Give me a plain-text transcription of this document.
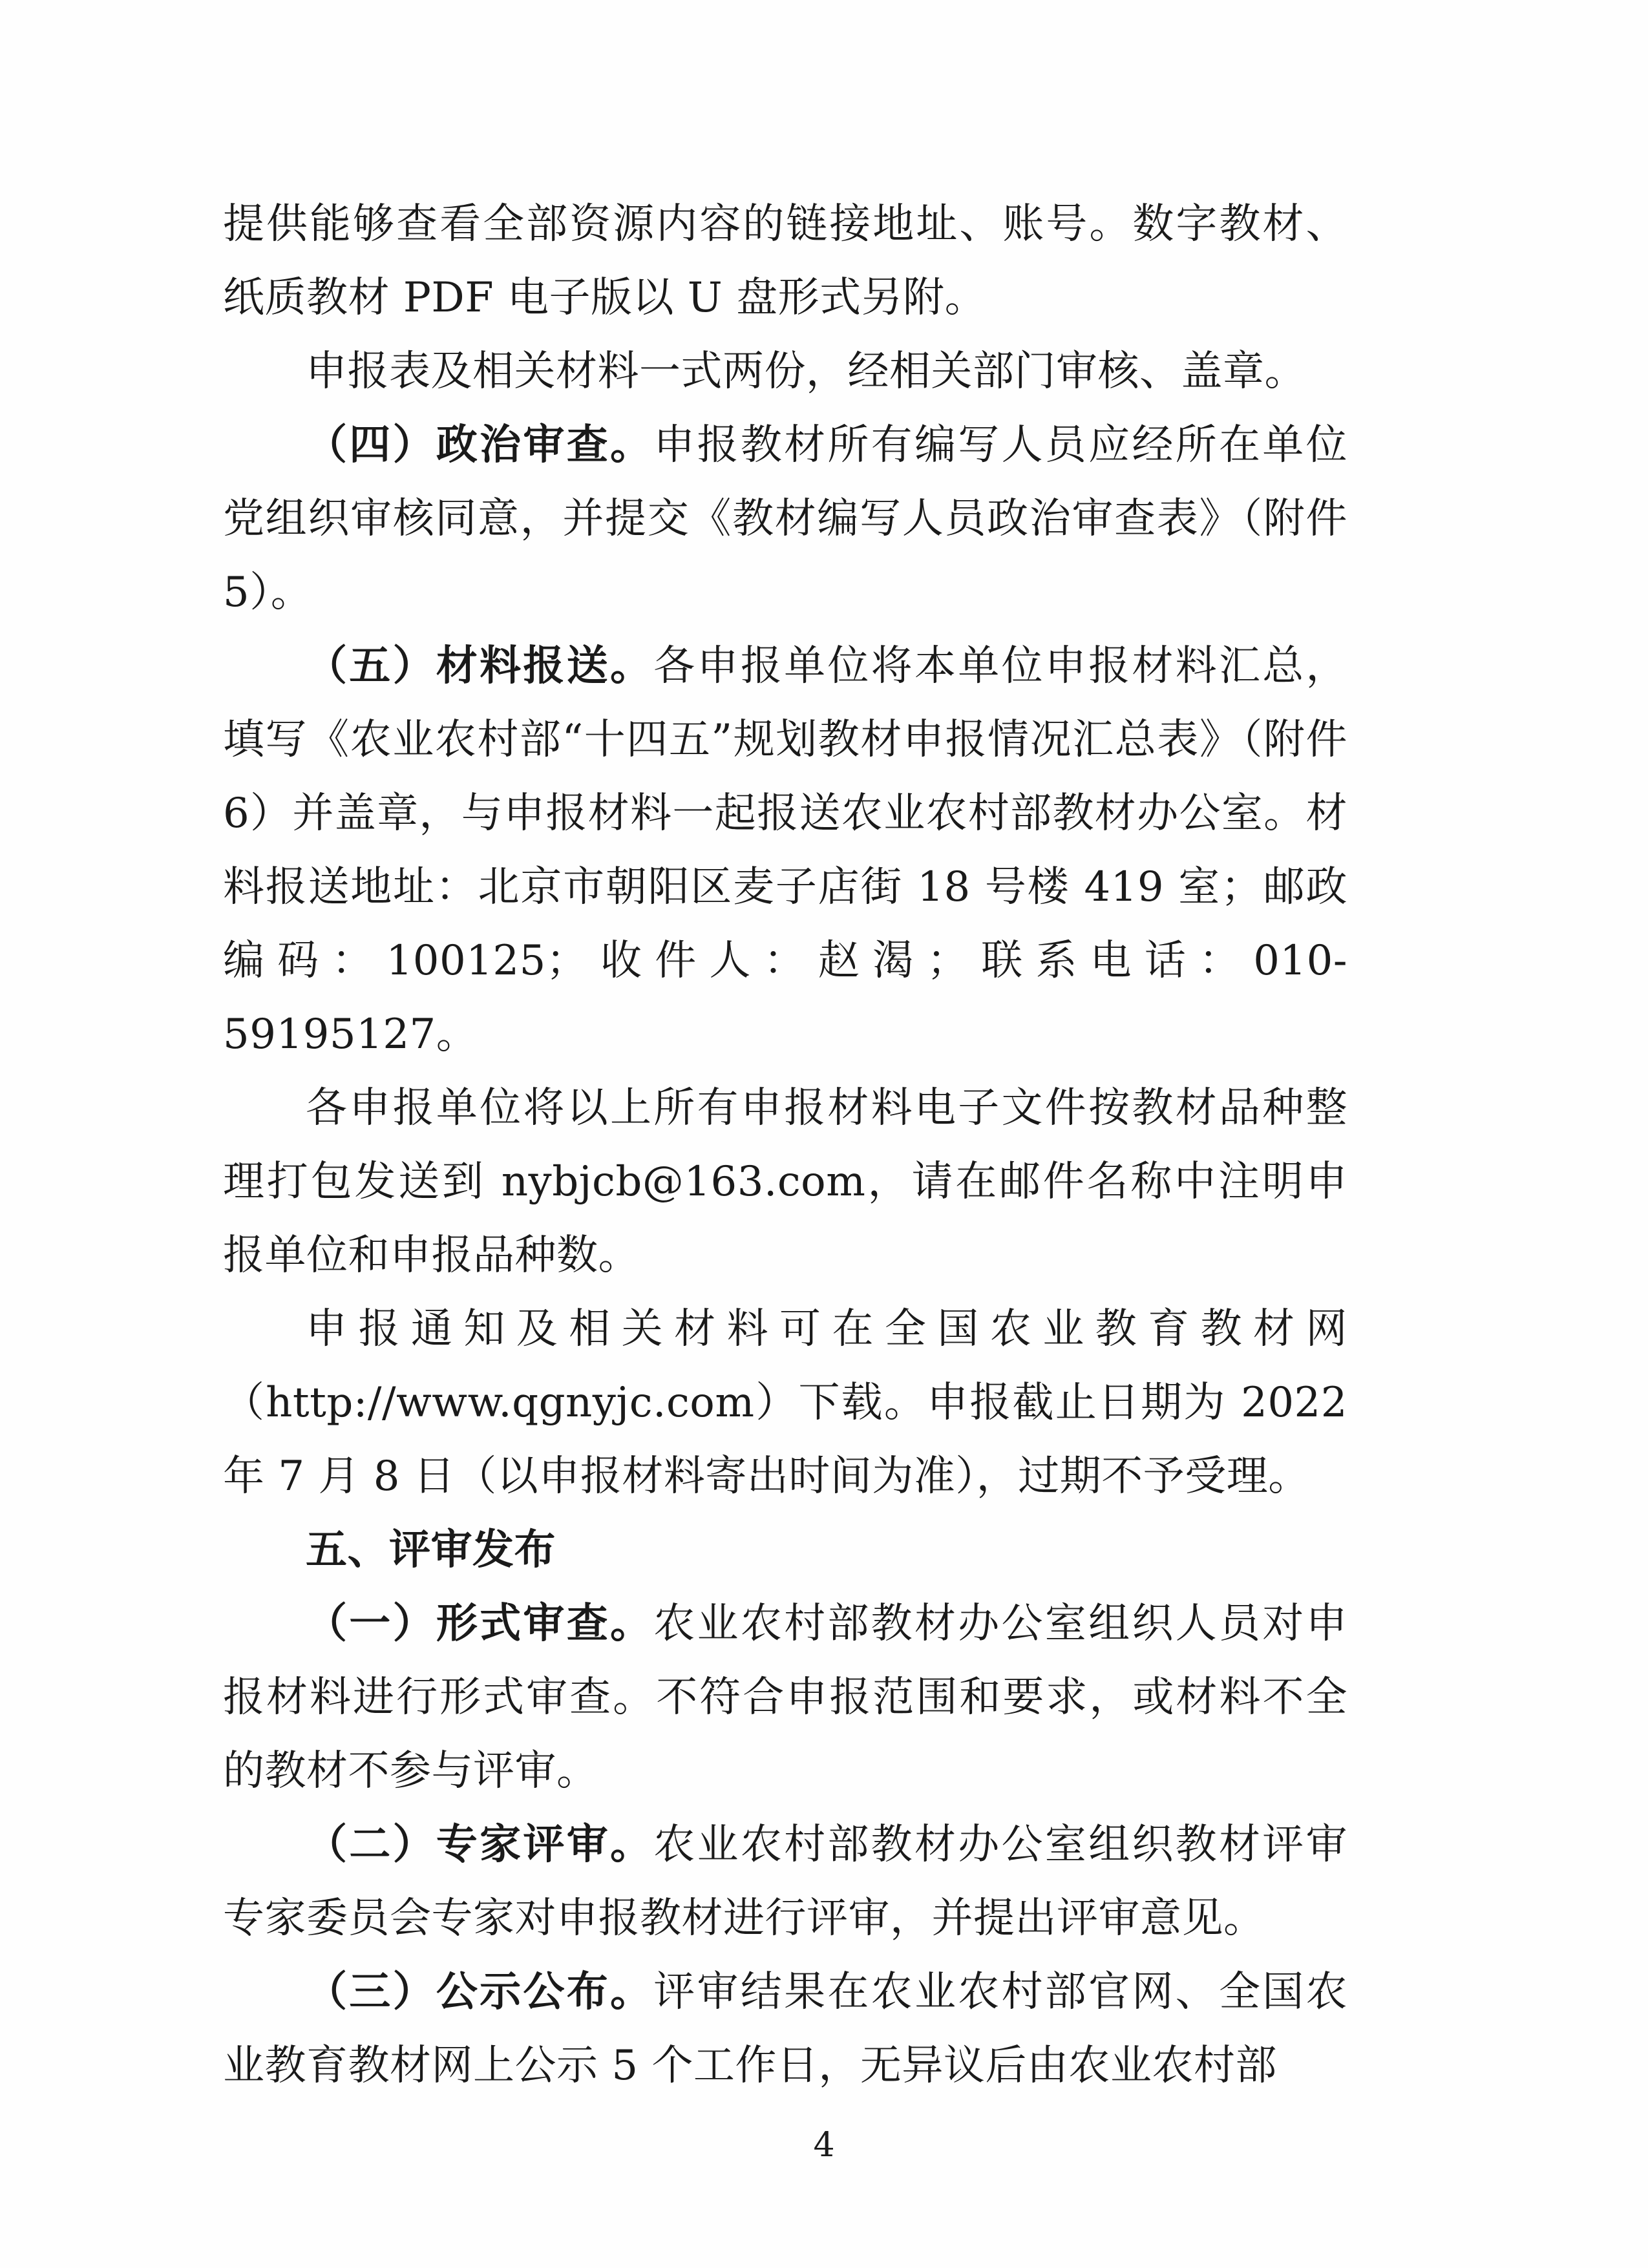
提供能够查看全部资源内容的链接地址、账号。数字教材、纸质教材 PDF 电子版以 U 盘形式另附。

申报表及相关材料一式两份，经相关部门审核、盖章。

（四）政治审查。申报教材所有编写人员应经所在单位党组织审核同意，并提交《教材编写人员政治审查表》（附件 5）。

（五）材料报送。各申报单位将本单位申报材料汇总，填写《农业农村部“十四五”规划教材申报情况汇总表》（附件 6）并盖章，与申报材料一起报送农业农村部教材办公室。材料报送地址：北京市朝阳区麦子店街 18 号楼 419 室；邮政编码：100125；收件人：赵渴；联系电话：010-59195127。

各申报单位将以上所有申报材料电子文件按教材品种整理打包发送到 nybjcb@163.com，请在邮件名称中注明申报单位和申报品种数。

申报通知及相关材料可在全国农业教育教材网（http://www.qgnyjc.com）下载。申报截止日期为 2022 年 7 月 8 日（以申报材料寄出时间为准），过期不予受理。

五、评审发布

（一）形式审查。农业农村部教材办公室组织人员对申报材料进行形式审查。不符合申报范围和要求，或材料不全的教材不参与评审。

（二）专家评审。农业农村部教材办公室组织教材评审专家委员会专家对申报教材进行评审，并提出评审意见。

（三）公示公布。评审结果在农业农村部官网、全国农业教育教材网上公示 5 个工作日，无异议后由农业农村部

4
